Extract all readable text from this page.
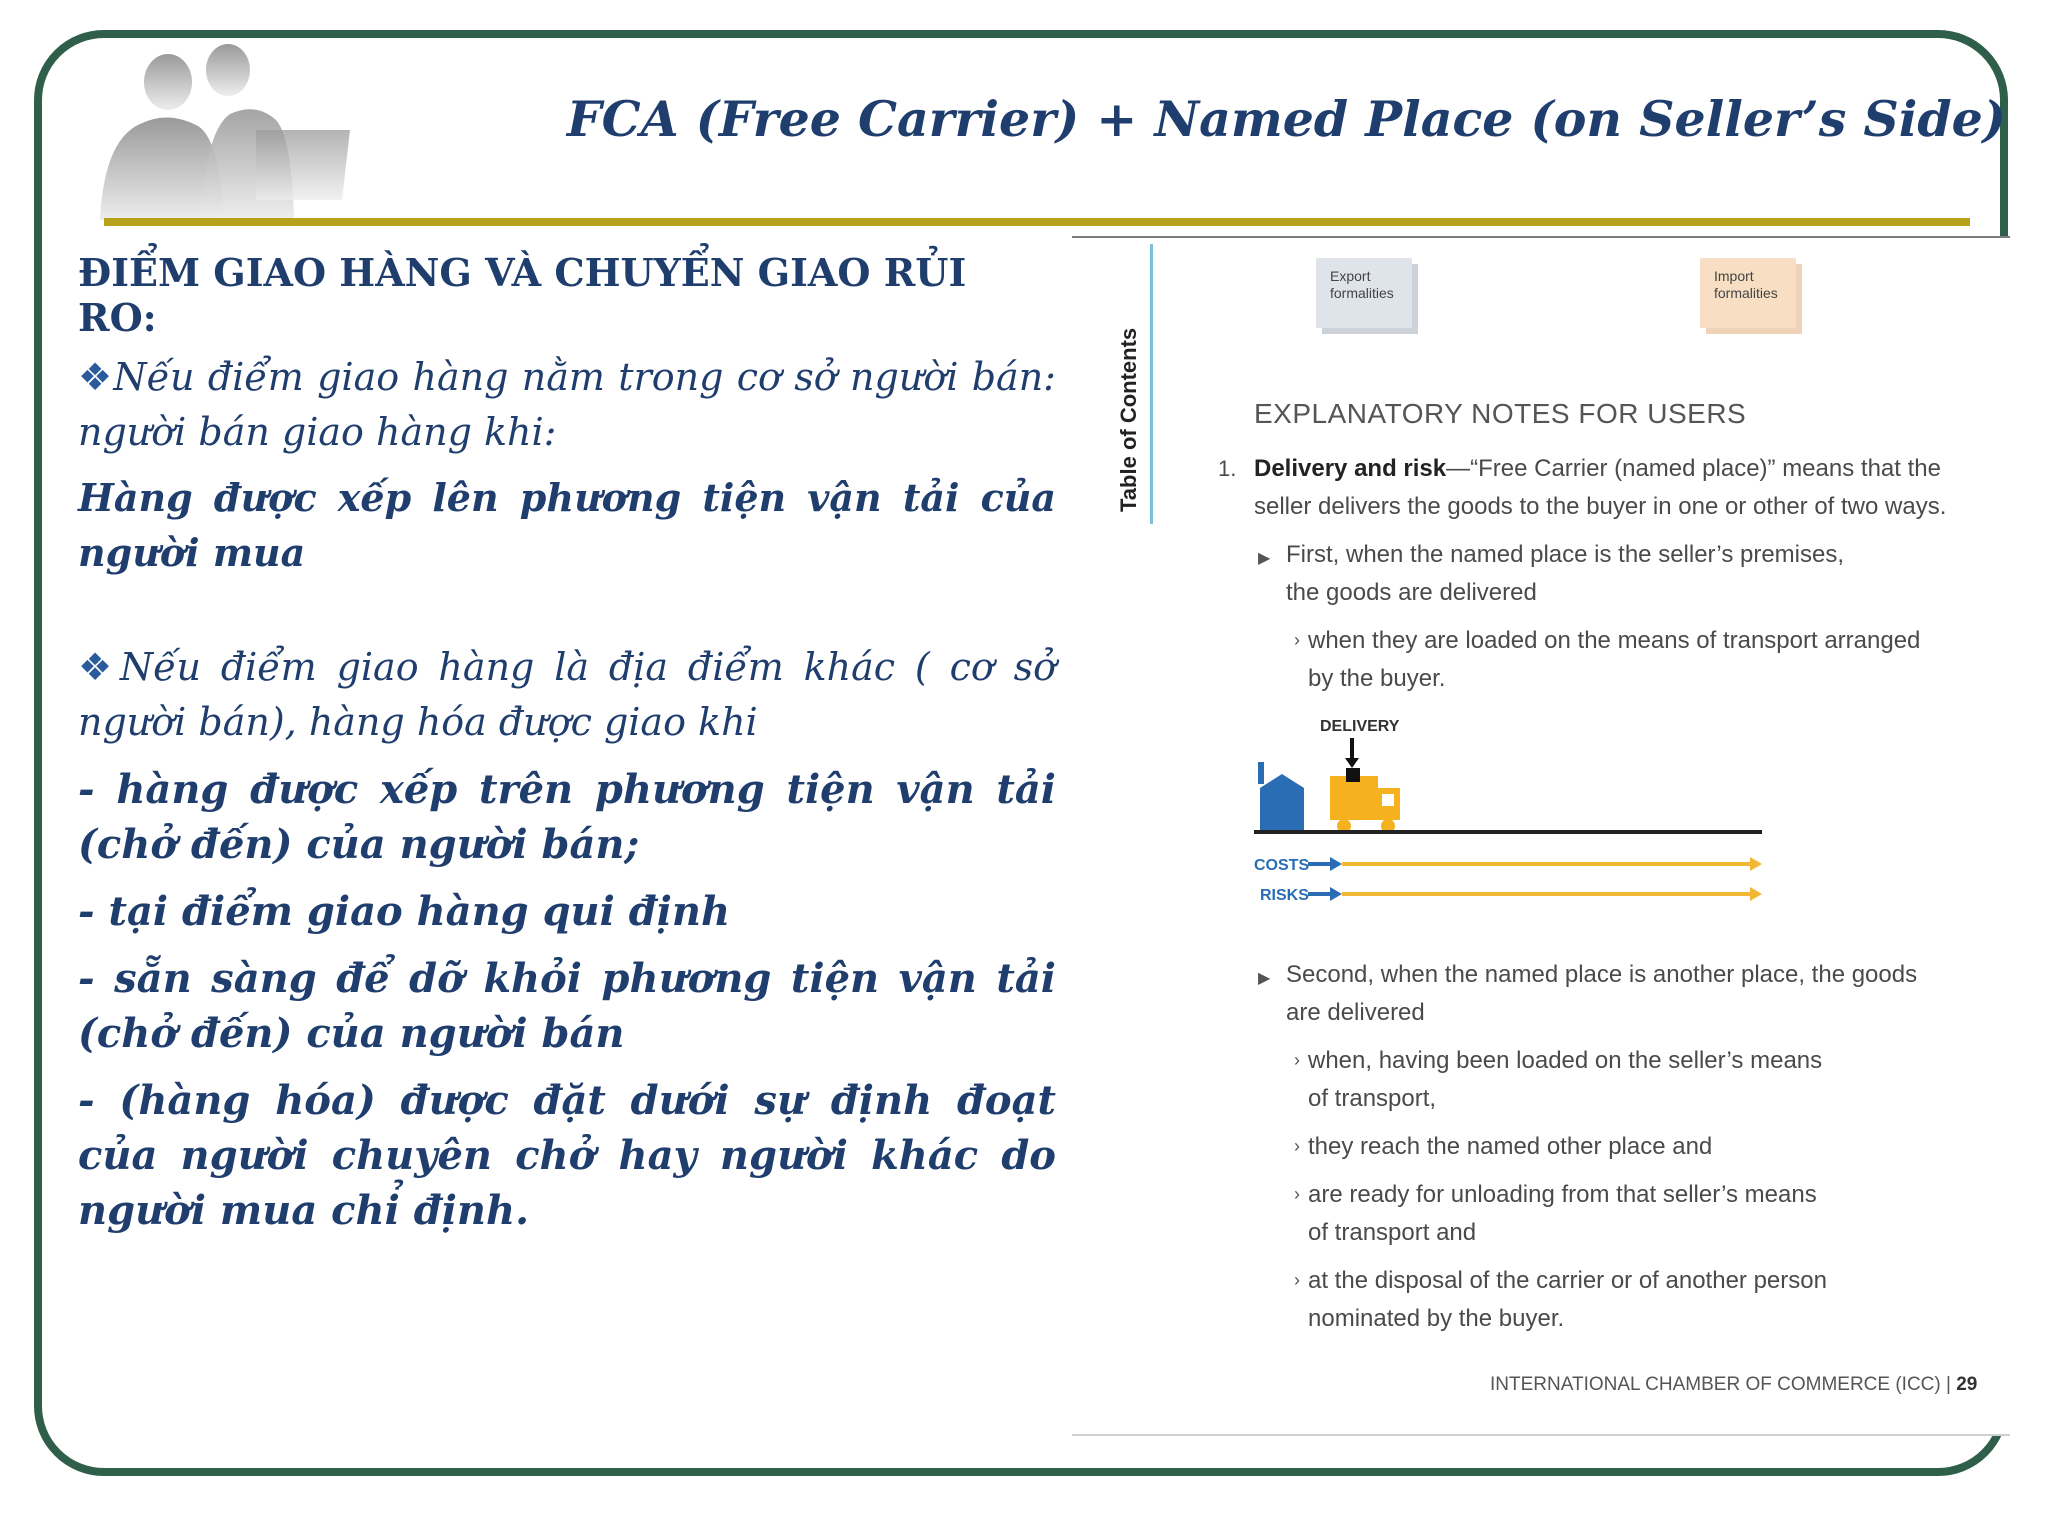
FCA (Free Carrier) + Named Place (on Seller’s Side)
ĐIỂM GIAO HÀNG VÀ CHUYỂN GIAO RỦI RO:

❖Nếu điểm giao hàng nằm trong cơ sở người bán: người bán giao hàng khi:

Hàng được xếp lên phương tiện vận tải của người mua

❖Nếu điểm giao hàng là địa điểm khác ( cơ sở người bán), hàng hóa được giao khi

- hàng được xếp trên phương tiện vận tải (chở đến) của người bán;

- tại điểm giao hàng qui định

- sẵn sàng để dỡ khỏi phương tiện vận tải (chở đến) của người bán

- (hàng hóa) được đặt dưới sự định đoạt của người chuyên chở hay người khác do người mua chỉ định.

Table of Contents
Export
formalities
Import
formalities
EXPLANATORY NOTES FOR USERS
1. Delivery and risk—“Free Carrier (named place)” means that the
seller delivers the goods to the buyer in one or other of two ways.
▶ First, when the named place is the seller’s premises,
the goods are delivered
› when they are loaded on the means of transport arranged
by the buyer.
DELIVERY
COSTS
RISKS
▶ Second, when the named place is another place, the goods
are delivered
› when, having been loaded on the seller’s means
of transport,
› they reach the named other place and
› are ready for unloading from that seller’s means
of transport and
› at the disposal of the carrier or of another person
nominated by the buyer.
INTERNATIONAL CHAMBER OF COMMERCE (ICC) | 29
